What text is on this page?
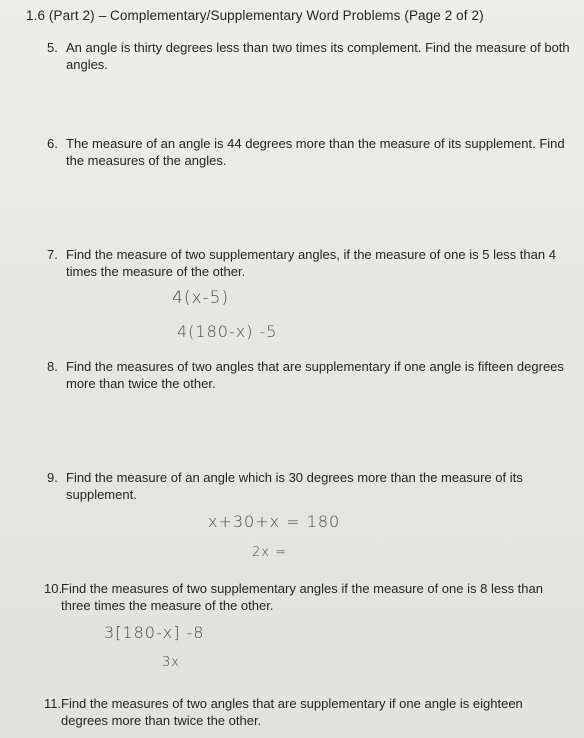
1.6 (Part 2) – Complementary/Supplementary Word Problems (Page 2 of 2)
5. An angle is thirty degrees less than two times its complement. Find the measure of both angles.
6. The measure of an angle is 44 degrees more than the measure of its supplement. Find the measures of the angles.
7. Find the measure of two supplementary angles, if the measure of one is 5 less than 4 times the measure of the other.
4(x-5)
4(180-x) -5
8. Find the measures of two angles that are supplementary if one angle is fifteen degrees more than twice the other.
9. Find the measure of an angle which is 30 degrees more than the measure of its supplement.
x+30+x = 180
2x =
10.
Find the measures of two supplementary angles if the measure of one is 8 less than three times the measure of the other.
3[180-x] -8
3x
11. Find the measures of two angles that are supplementary if one angle is eighteen degrees more than twice the other.
